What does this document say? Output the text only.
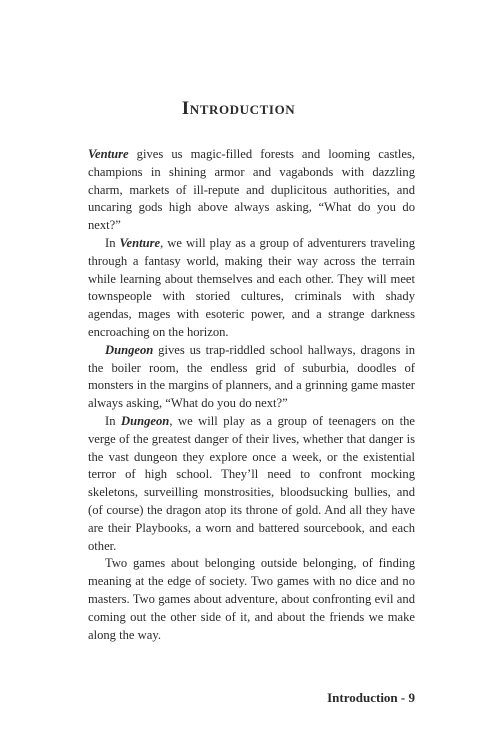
Introduction

Venture gives us magic-filled forests and looming castles, champions in shining armor and vagabonds with dazzling charm, markets of ill-repute and duplicitous authorities, and uncaring gods high above always asking, “What do you do next?”

In Venture, we will play as a group of adventurers traveling through a fantasy world, making their way across the terrain while learning about themselves and each other. They will meet townspeople with storied cultures, criminals with shady agendas, mages with esoteric power, and a strange darkness encroaching on the horizon.

Dungeon gives us trap-riddled school hallways, dragons in the boiler room, the endless grid of suburbia, doodles of monsters in the margins of planners, and a grinning game master always asking, “What do you do next?”

In Dungeon, we will play as a group of teenagers on the verge of the greatest danger of their lives, whether that danger is the vast dungeon they explore once a week, or the existential terror of high school. They’ll need to confront mocking skeletons, surveilling monstrosities, bloodsucking bullies, and (of course) the dragon atop its throne of gold. And all they have are their Playbooks, a worn and battered sourcebook, and each other.

Two games about belonging outside belonging, of finding meaning at the edge of society. Two games with no dice and no masters. Two games about adventure, about confronting evil and coming out the other side of it, and about the friends we make along the way.

Introduction - 9
